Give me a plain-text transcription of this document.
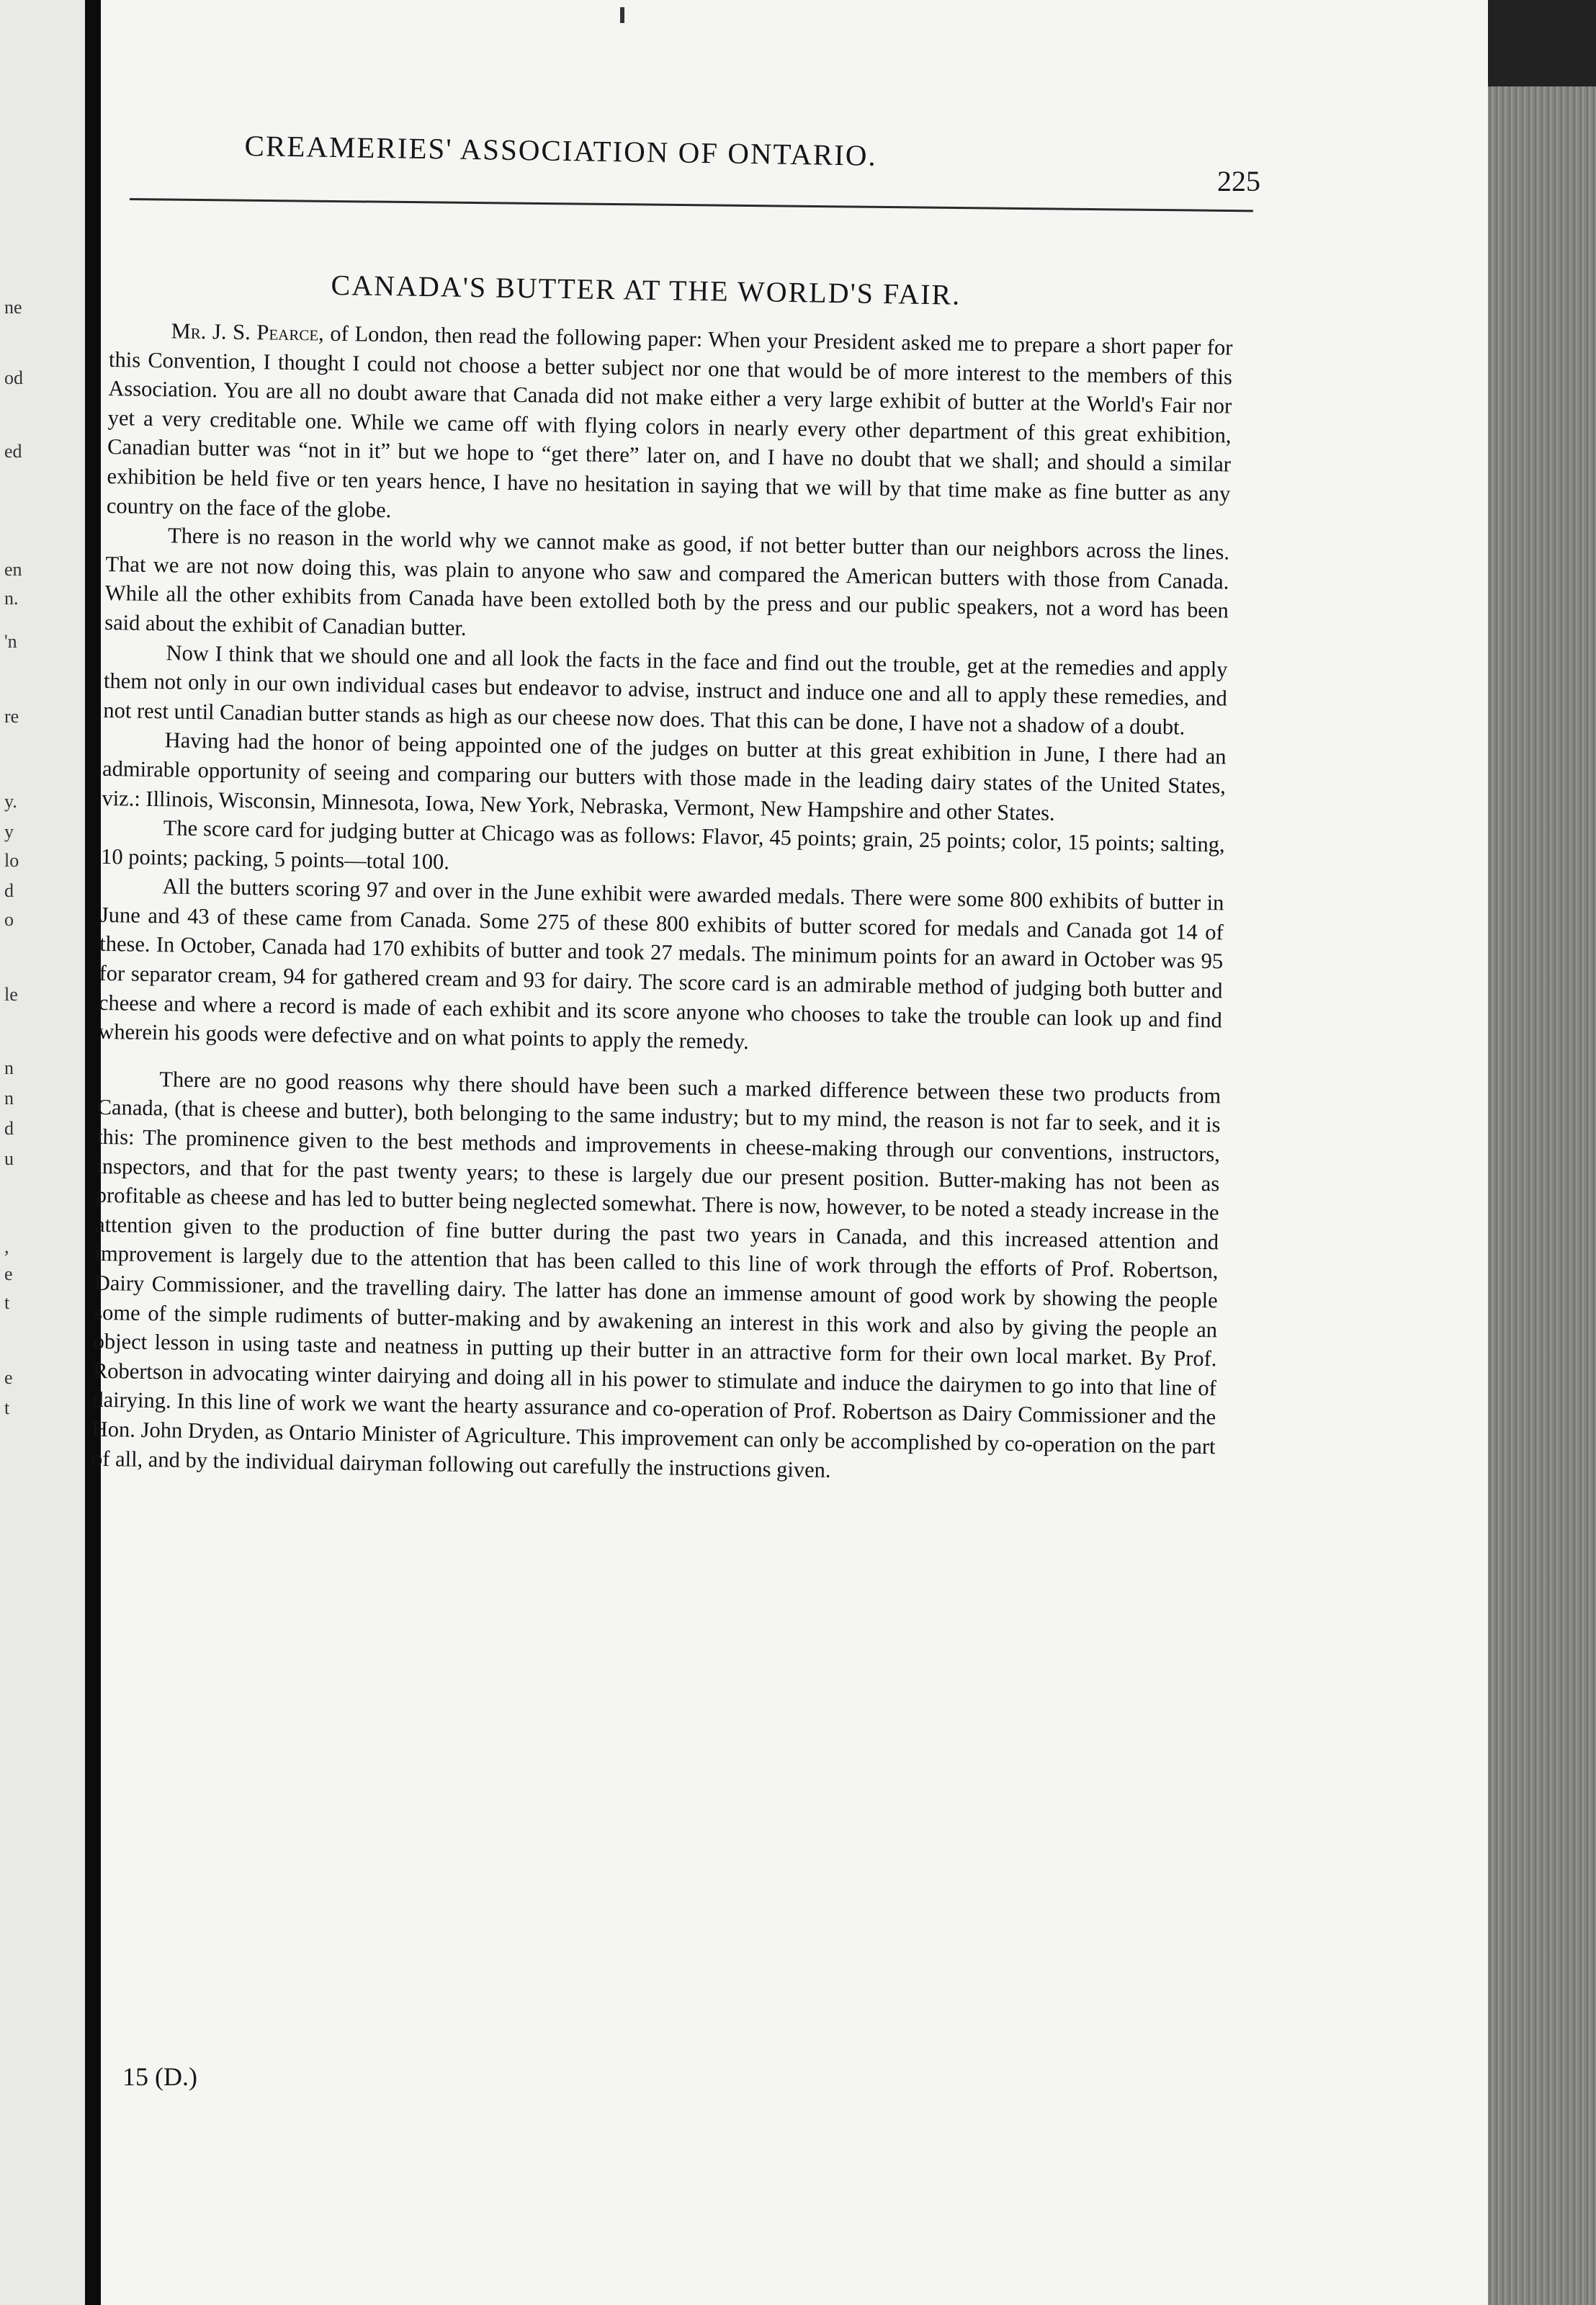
ne
od
ed
en
n.
'n
re
y.
y
lo
d
o
le
n
n
d
u
,
e
t
e
t
CREAMERIES' ASSOCIATION OF ONTARIO.
225
CANADA'S BUTTER AT THE WORLD'S FAIR.

Mr. J. S. Pearce, of London, then read the following paper: When your President asked me to prepare a short paper for this Convention, I thought I could not choose a better subject nor one that would be of more interest to the members of this Association. You are all no doubt aware that Canada did not make either a very large exhibit of butter at the World's Fair nor yet a very creditable one. While we came off with flying colors in nearly every other department of this great exhibition, Canadian butter was “not in it” but we hope to “get there” later on, and I have no doubt that we shall; and should a similar exhibition be held five or ten years hence, I have no hesitation in saying that we will by that time make as fine butter as any country on the face of the globe.

There is no reason in the world why we cannot make as good, if not better butter than our neighbors across the lines. That we are not now doing this, was plain to anyone who saw and compared the American butters with those from Canada. While all the other exhibits from Canada have been extolled both by the press and our public speakers, not a word has been said about the exhibit of Canadian butter.

Now I think that we should one and all look the facts in the face and find out the trouble, get at the remedies and apply them not only in our own individual cases but endeavor to advise, instruct and induce one and all to apply these remedies, and not rest until Canadian butter stands as high as our cheese now does. That this can be done, I have not a shadow of a doubt.

Having had the honor of being appointed one of the judges on butter at this great exhibition in June, I there had an admirable opportunity of seeing and comparing our butters with those made in the leading dairy states of the United States, viz.: Illinois, Wisconsin, Minnesota, Iowa, New York, Nebraska, Vermont, New Hampshire and other States.

The score card for judging butter at Chicago was as follows: Flavor, 45 points; grain, 25 points; color, 15 points; salting, 10 points; packing, 5 points—total 100.

All the butters scoring 97 and over in the June exhibit were awarded medals. There were some 800 exhibits of butter in June and 43 of these came from Canada. Some 275 of these 800 exhibits of butter scored for medals and Canada got 14 of these. In October, Canada had 170 exhibits of butter and took 27 medals. The minimum points for an award in October was 95 for separator cream, 94 for gathered cream and 93 for dairy. The score card is an admirable method of judging both butter and cheese and where a record is made of each exhibit and its score anyone who chooses to take the trouble can look up and find wherein his goods were defective and on what points to apply the remedy.

There are no good reasons why there should have been such a marked difference between these two products from Canada, (that is cheese and butter), both belonging to the same industry; but to my mind, the reason is not far to seek, and it is this: The prominence given to the best methods and improvements in cheese-making through our conventions, instructors, inspectors, and that for the past twenty years; to these is largely due our present position. Butter-making has not been as profitable as cheese and has led to butter being neglected somewhat. There is now, however, to be noted a steady increase in the attention given to the production of fine butter during the past two years in Canada, and this increased attention and improvement is largely due to the attention that has been called to this line of work through the efforts of Prof. Robertson, Dairy Commissioner, and the travelling dairy. The latter has done an immense amount of good work by showing the people some of the simple rudiments of butter-making and by awakening an interest in this work and also by giving the people an object lesson in using taste and neatness in putting up their butter in an attractive form for their own local market. By Prof. Robertson in advocating winter dairying and doing all in his power to stimulate and induce the dairymen to go into that line of dairying. In this line of work we want the hearty assurance and co-operation of Prof. Robertson as Dairy Commissioner and the Hon. John Dryden, as Ontario Minister of Agriculture. This improvement can only be accomplished by co-operation on the part of all, and by the individual dairyman following out carefully the instructions given.

15 (D.)
